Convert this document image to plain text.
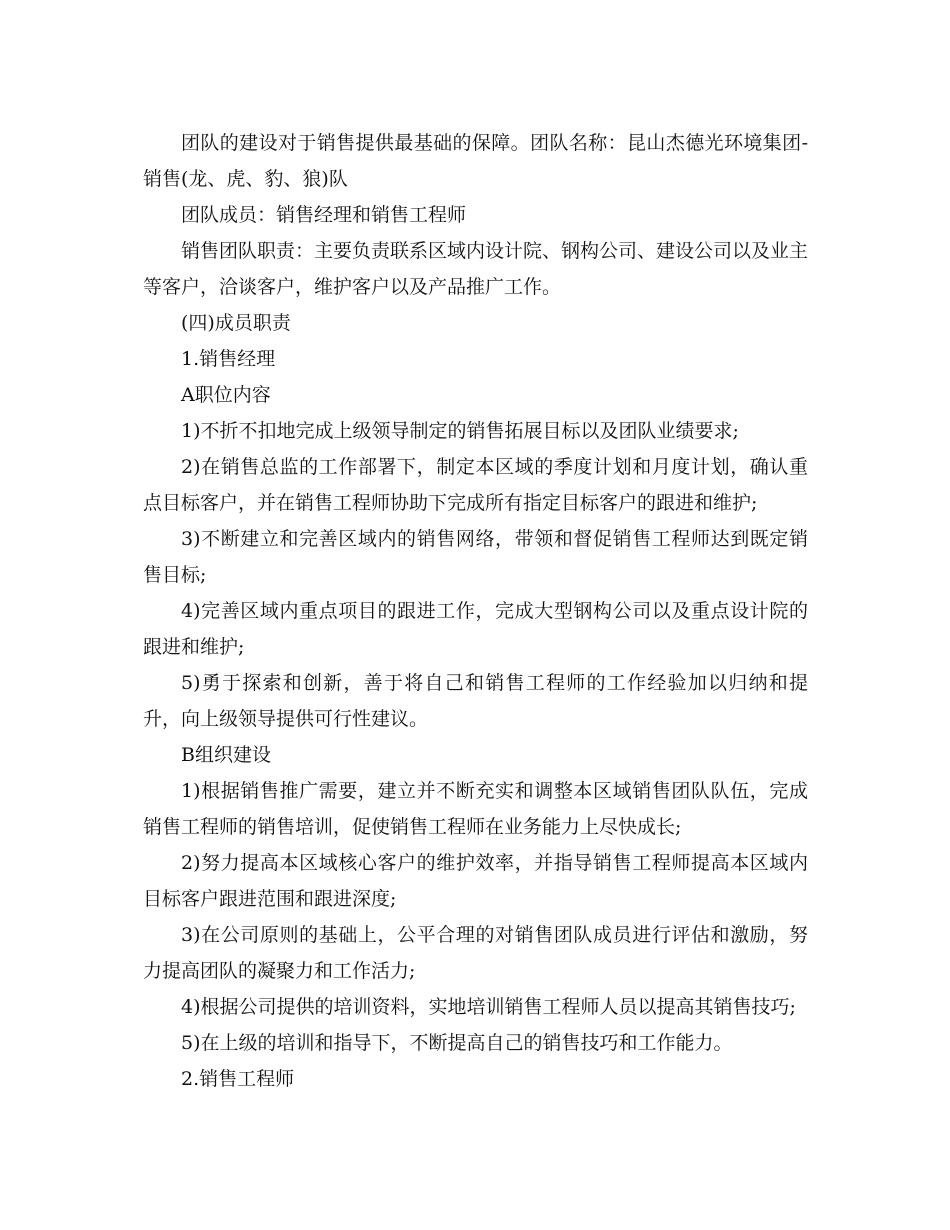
团队的建设对于销售提供最基础的保障。团队名称：昆山杰德光环境集团-销售(龙、虎、豹、狼)队

团队成员：销售经理和销售工程师

销售团队职责：主要负责联系区域内设计院、钢构公司、建设公司以及业主等客户，洽谈客户，维护客户以及产品推广工作。

(四)成员职责

1.销售经理

A职位内容

1)不折不扣地完成上级领导制定的销售拓展目标以及团队业绩要求;

2)在销售总监的工作部署下，制定本区域的季度计划和月度计划，确认重点目标客户，并在销售工程师协助下完成所有指定目标客户的跟进和维护;

3)不断建立和完善区域内的销售网络，带领和督促销售工程师达到既定销售目标;

4)完善区域内重点项目的跟进工作，完成大型钢构公司以及重点设计院的跟进和维护;

5)勇于探索和创新，善于将自己和销售工程师的工作经验加以归纳和提升，向上级领导提供可行性建议。

B组织建设

1)根据销售推广需要，建立并不断充实和调整本区域销售团队队伍，完成销售工程师的销售培训，促使销售工程师在业务能力上尽快成长;

2)努力提高本区域核心客户的维护效率，并指导销售工程师提高本区域内目标客户跟进范围和跟进深度;

3)在公司原则的基础上，公平合理的对销售团队成员进行评估和激励，努力提高团队的凝聚力和工作活力;

4)根据公司提供的培训资料，实地培训销售工程师人员以提高其销售技巧;

5)在上级的培训和指导下，不断提高自己的销售技巧和工作能力。

2.销售工程师
